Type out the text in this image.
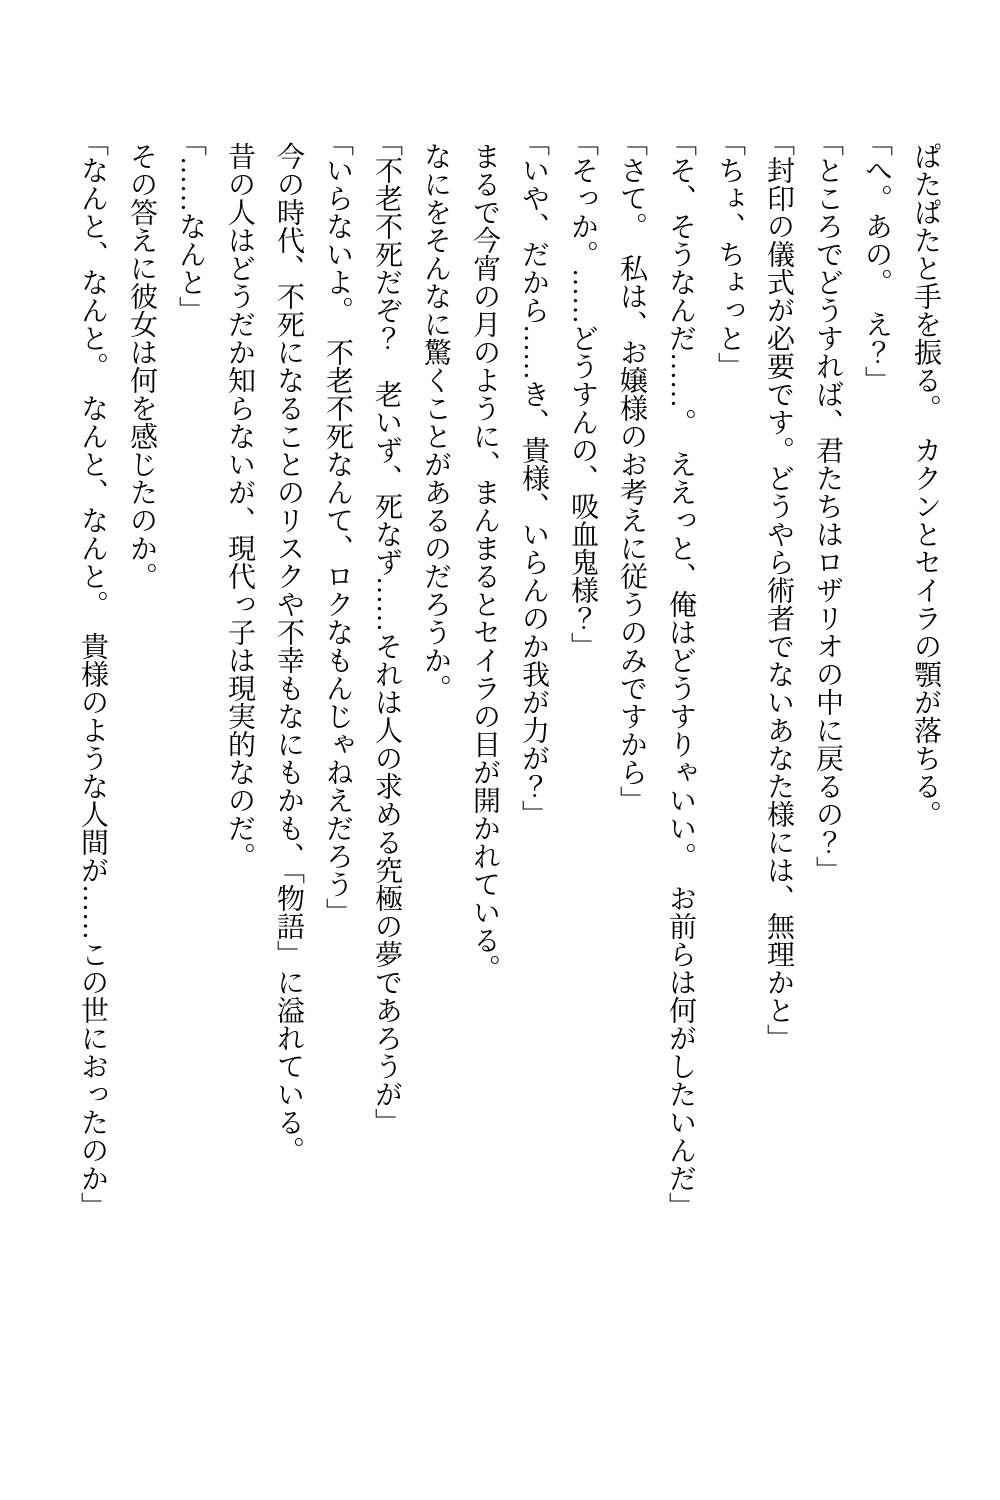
ぱたぱたと手を振る。　カクンとセイラの顎が落ちる。

「へ。あの。　え？」

「ところでどうすれば、君たちはロザリオの中に戻るの？」

「封印の儀式が必要です。どうやら術者でないあなた様には、無理かと」

「ちょ、ちょっと」

「そ、そうなんだ……。　ええっと、俺はどうすりゃいい。　お前らは何がしたいんだ」

「さて。　私は、お嬢様のお考えに従うのみですから」

「そっか。……どうすんの、吸血鬼様？」

「いや、だから……き、貴様、いらんのか我が力が？」

まるで今宵の月のように、まんまるとセイラの目が開かれている。

なにをそんなに驚くことがあるのだろうか。

「不老不死だぞ？　老いず、死なず……それは人の求める究極の夢であろうが」

「いらないよ。　不老不死なんて、ロクなもんじゃねえだろう」

今の時代、不死になることのリスクや不幸もなにもかも、「物語」に溢れている。

昔の人はどうだか知らないが、現代っ子は現実的なのだ。

「……なんと」

その答えに彼女は何を感じたのか。

「なんと、なんと。　なんと、なんと。　貴様のような人間が……この世におったのか」
